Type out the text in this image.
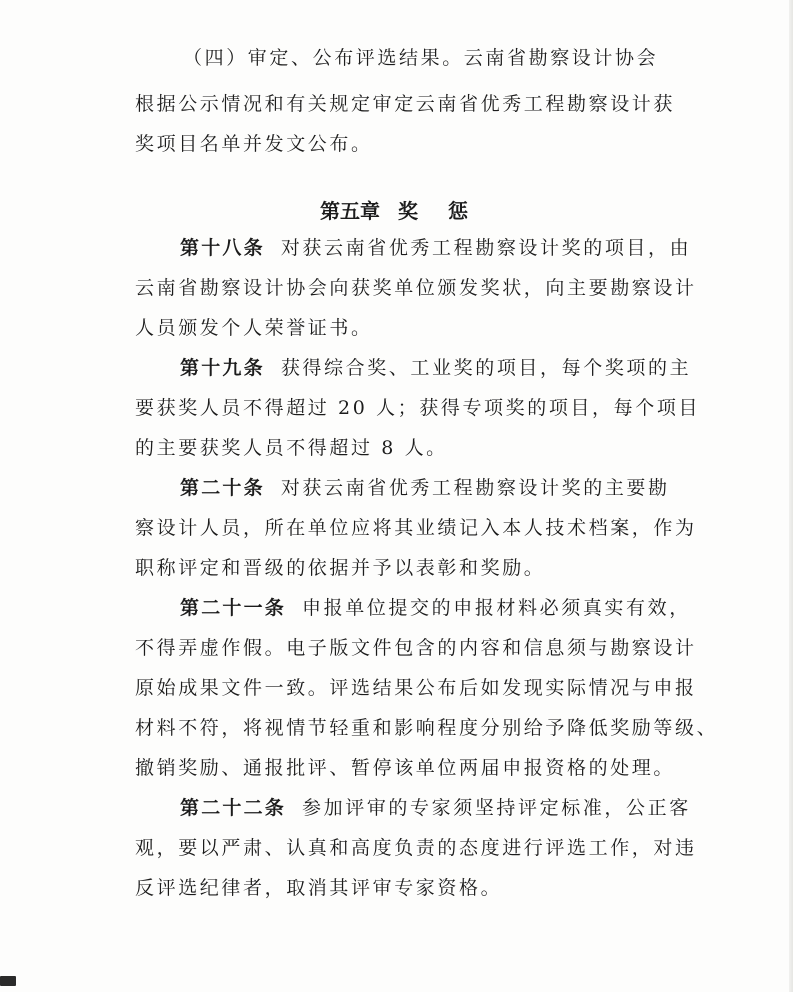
（四）审定、公布评选结果。云南省勘察设计协会
根据公示情况和有关规定审定云南省优秀工程勘察设计获
奖项目名单并发文公布。
第五章 奖 惩
第十八条 对获云南省优秀工程勘察设计奖的项目，由
云南省勘察设计协会向获奖单位颁发奖状，向主要勘察设计
人员颁发个人荣誉证书。
第十九条 获得综合奖、工业奖的项目，每个奖项的主
要获奖人员不得超过 20 人；获得专项奖的项目，每个项目
的主要获奖人员不得超过 8 人。
第二十条 对获云南省优秀工程勘察设计奖的主要勘
察设计人员，所在单位应将其业绩记入本人技术档案，作为
职称评定和晋级的依据并予以表彰和奖励。
第二十一条 申报单位提交的申报材料必须真实有效，
不得弄虚作假。电子版文件包含的内容和信息须与勘察设计
原始成果文件一致。评选结果公布后如发现实际情况与申报
材料不符，将视情节轻重和影响程度分别给予降低奖励等级、
撤销奖励、通报批评、暂停该单位两届申报资格的处理。
第二十二条 参加评审的专家须坚持评定标准，公正客
观，要以严肃、认真和高度负责的态度进行评选工作，对违
反评选纪律者，取消其评审专家资格。
